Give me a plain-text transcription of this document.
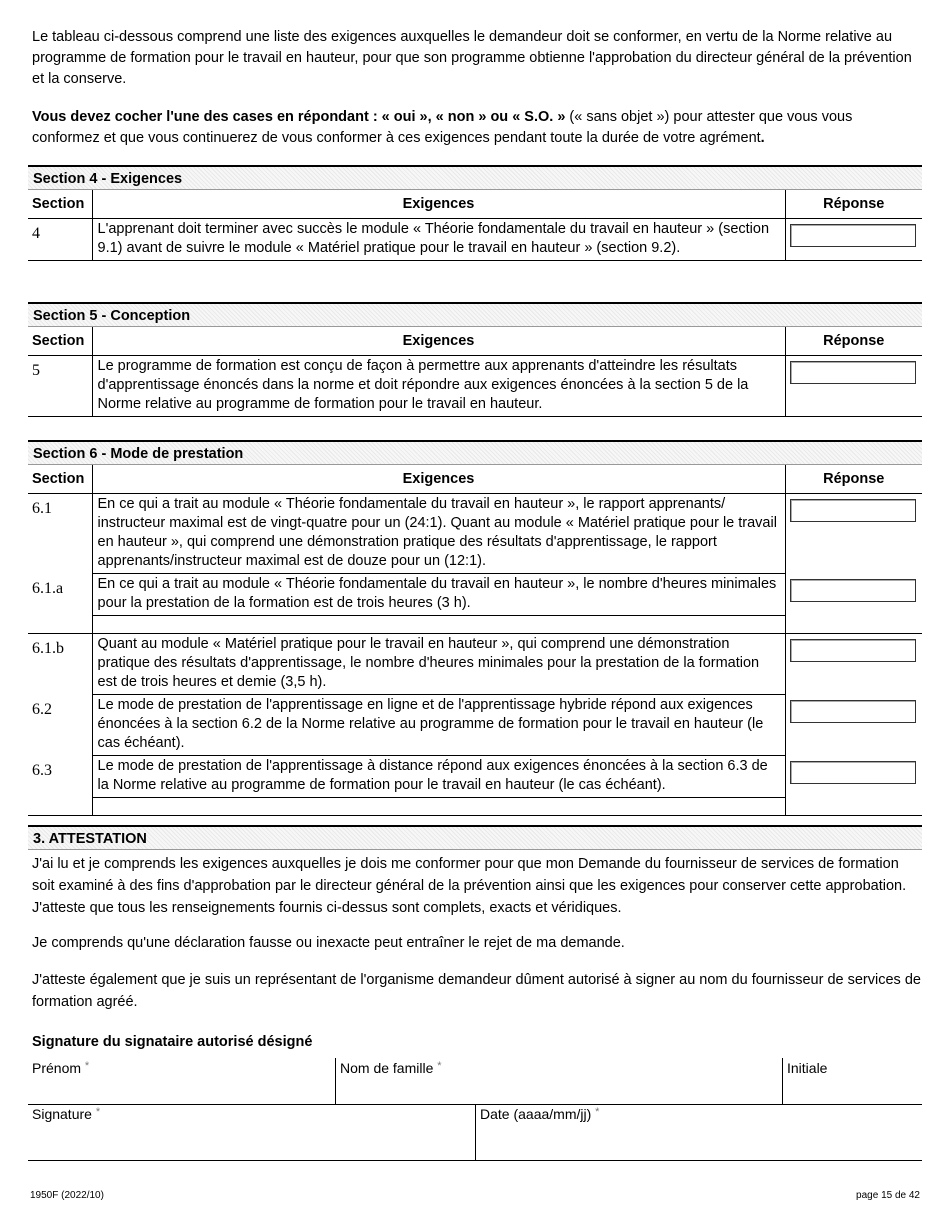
Le tableau ci-dessous comprend une liste des exigences auxquelles le demandeur doit se conformer, en vertu de la Norme relative au programme de formation pour le travail en hauteur, pour que son programme obtienne l'approbation du directeur général de la prévention et la conserve.

Vous devez cocher l'une des cases en répondant : « oui », « non » ou « S.O. » (« sans objet ») pour attester que vous vous conformez et que vous continuerez de vous conformer à ces exigences pendant toute la durée de votre agrément.

Section 4 - Exigences
Section	Exigences	Réponse
4	L'apprenant doit terminer avec succès le module « Théorie fondamentale du travail en hauteur » (section 9.1) avant de suivre le module « Matériel pratique pour le travail en hauteur » (section 9.2).	
Section 5 - Conception
Section	Exigences	Réponse
5	Le programme de formation est conçu de façon à permettre aux apprenants d'atteindre les résultats d'apprentissage énoncés dans la norme et doit répondre aux exigences énoncées à la section 5 de la Norme relative au programme de formation pour le travail en hauteur.	
Section 6 - Mode de prestation
Section	Exigences	Réponse
6.1	En ce qui a trait au module « Théorie fondamentale du travail en hauteur », le rapport apprenants/ instructeur maximal est de vingt-quatre pour un (24:1). Quant au module « Matériel pratique pour le travail en hauteur », qui comprend une démonstration pratique des résultats d'apprentissage, le rapport apprenants/instructeur maximal est de douze pour un (12:1).	

6.1.a	En ce qui a trait au module « Théorie fondamentale du travail en hauteur », le nombre d'heures minimales pour la prestation de la formation est de trois heures (3 h).	

6.1.b	Quant au module « Matériel pratique pour le travail en hauteur », qui comprend une démonstration pratique des résultats d'apprentissage, le nombre d'heures minimales pour la prestation de la formation est de trois heures et demie (3,5 h).	

6.2	Le mode de prestation de l'apprentissage en ligne et de l'apprentissage hybride répond aux exigences énoncées à la section 6.2 de la Norme relative au programme de formation pour le travail en hauteur (le cas échéant).	

6.3	Le mode de prestation de l'apprentissage à distance répond aux exigences énoncées à la section 6.3 de la Norme relative au programme de formation pour le travail en hauteur (le cas échéant).	

3. ATTESTATION

J'ai lu et je comprends les exigences auxquelles je dois me conformer pour que mon Demande du fournisseur de services de formation soit examiné à des fins d'approbation par le directeur général de la prévention ainsi que les exigences pour conserver cette approbation. J'atteste que tous les renseignements fournis ci-dessus sont complets, exacts et véridiques.

Je comprends qu'une déclaration fausse ou inexacte peut entraîner le rejet de ma demande.

J'atteste également que je suis un représentant de l'organisme demandeur dûment autorisé à signer au nom du fournisseur de services de formation agréé.

Signature du signataire autorisé désigné
Prénom *	Nom de famille *	Initiale
Signature *	Date (aaaa/mm/jj) *
1950F (2022/10)	page 15 de 42
